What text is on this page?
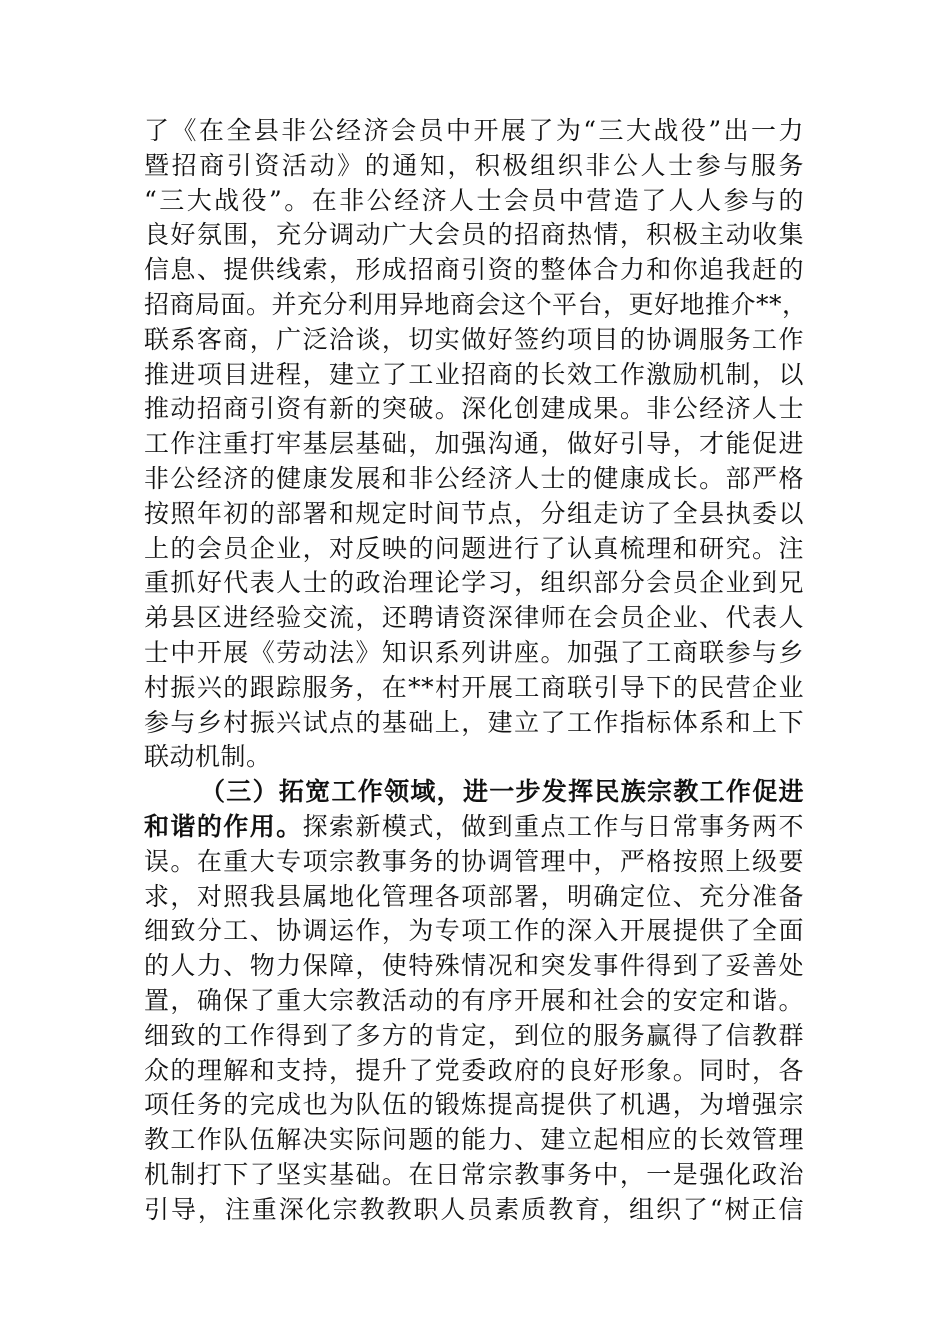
了《在全县非公经济会员中开展了为“三大战役”出一力
暨招商引资活动》的通知，积极组织非公人士参与服务
“三大战役”。在非公经济人士会员中营造了人人参与的
良好氛围，充分调动广大会员的招商热情，积极主动收集
信息、提供线索，形成招商引资的整体合力和你追我赶的
招商局面。并充分利用异地商会这个平台，更好地推介**，
联系客商，广泛洽谈，切实做好签约项目的协调服务工作
推进项目进程，建立了工业招商的长效工作激励机制，以
推动招商引资有新的突破。深化创建成果。非公经济人士
工作注重打牢基层基础，加强沟通，做好引导，才能促进
非公经济的健康发展和非公经济人士的健康成长。部严格
按照年初的部署和规定时间节点，分组走访了全县执委以
上的会员企业，对反映的问题进行了认真梳理和研究。注
重抓好代表人士的政治理论学习，组织部分会员企业到兄
弟县区进经验交流，还聘请资深律师在会员企业、代表人
士中开展《劳动法》知识系列讲座。加强了工商联参与乡
村振兴的跟踪服务，在**村开展工商联引导下的民营企业
参与乡村振兴试点的基础上，建立了工作指标体系和上下
联动机制。
（三）拓宽工作领域，进一步发挥民族宗教工作促进
和谐的作用。探索新模式，做到重点工作与日常事务两不
误。在重大专项宗教事务的协调管理中，严格按照上级要
求，对照我县属地化管理各项部署，明确定位、充分准备
细致分工、协调运作，为专项工作的深入开展提供了全面
的人力、物力保障，使特殊情况和突发事件得到了妥善处
置，确保了重大宗教活动的有序开展和社会的安定和谐。
细致的工作得到了多方的肯定，到位的服务赢得了信教群
众的理解和支持，提升了党委政府的良好形象。同时，各
项任务的完成也为队伍的锻炼提高提供了机遇，为增强宗
教工作队伍解决实际问题的能力、建立起相应的长效管理
机制打下了坚实基础。在日常宗教事务中，一是强化政治
引导，注重深化宗教教职人员素质教育，组织了“树正信
